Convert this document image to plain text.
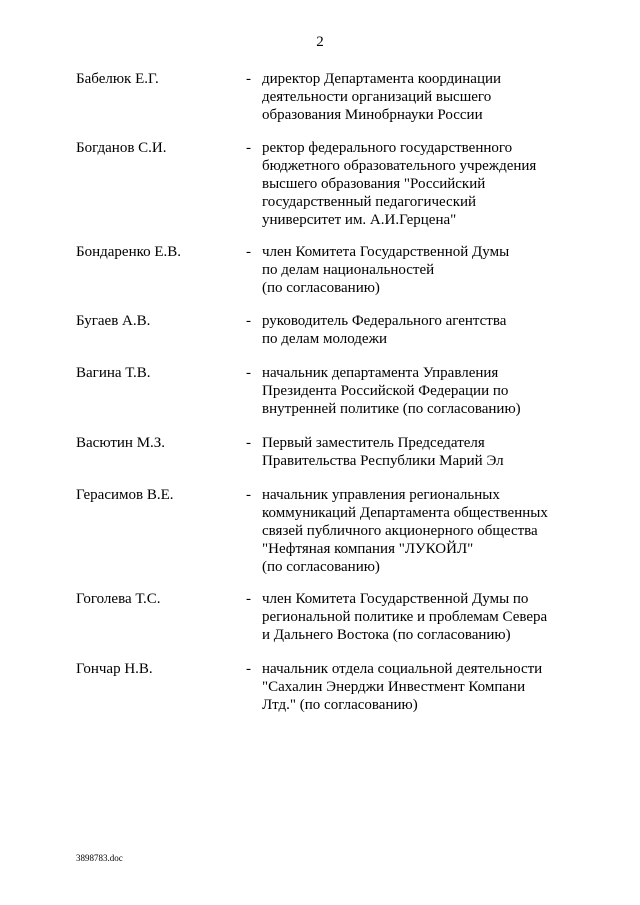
2
Бабелюк Е.Г.	- директор Департамента координации
деятельности организаций высшего
образования Минобрнауки России
Богданов С.И.	- ректор федерального государственного
бюджетного образовательного учреждения
высшего образования "Российский
государственный педагогический
университет им. А.И.Герцена"
Бондаренко Е.В.	- член Комитета Государственной Думы
по делам национальностей
(по согласованию)
Бугаев А.В.	- руководитель Федерального агентства
по делам молодежи
Вагина Т.В.	- начальник департамента Управления
Президента Российской Федерации по
внутренней политике (по согласованию)
Васютин М.З.	- Первый заместитель Председателя
Правительства Республики Марий Эл
Герасимов В.Е.	- начальник управления региональных
коммуникаций Департамента общественных
связей публичного акционерного общества
"Нефтяная компания "ЛУКОЙЛ"
(по согласованию)
Гоголева Т.С.	- член Комитета Государственной Думы по
региональной политике и проблемам Севера
и Дальнего Востока (по согласованию)
Гончар Н.В.	- начальник отдела социальной деятельности
"Сахалин Энерджи Инвестмент Компани
Лтд." (по согласованию)
3898783.doc
